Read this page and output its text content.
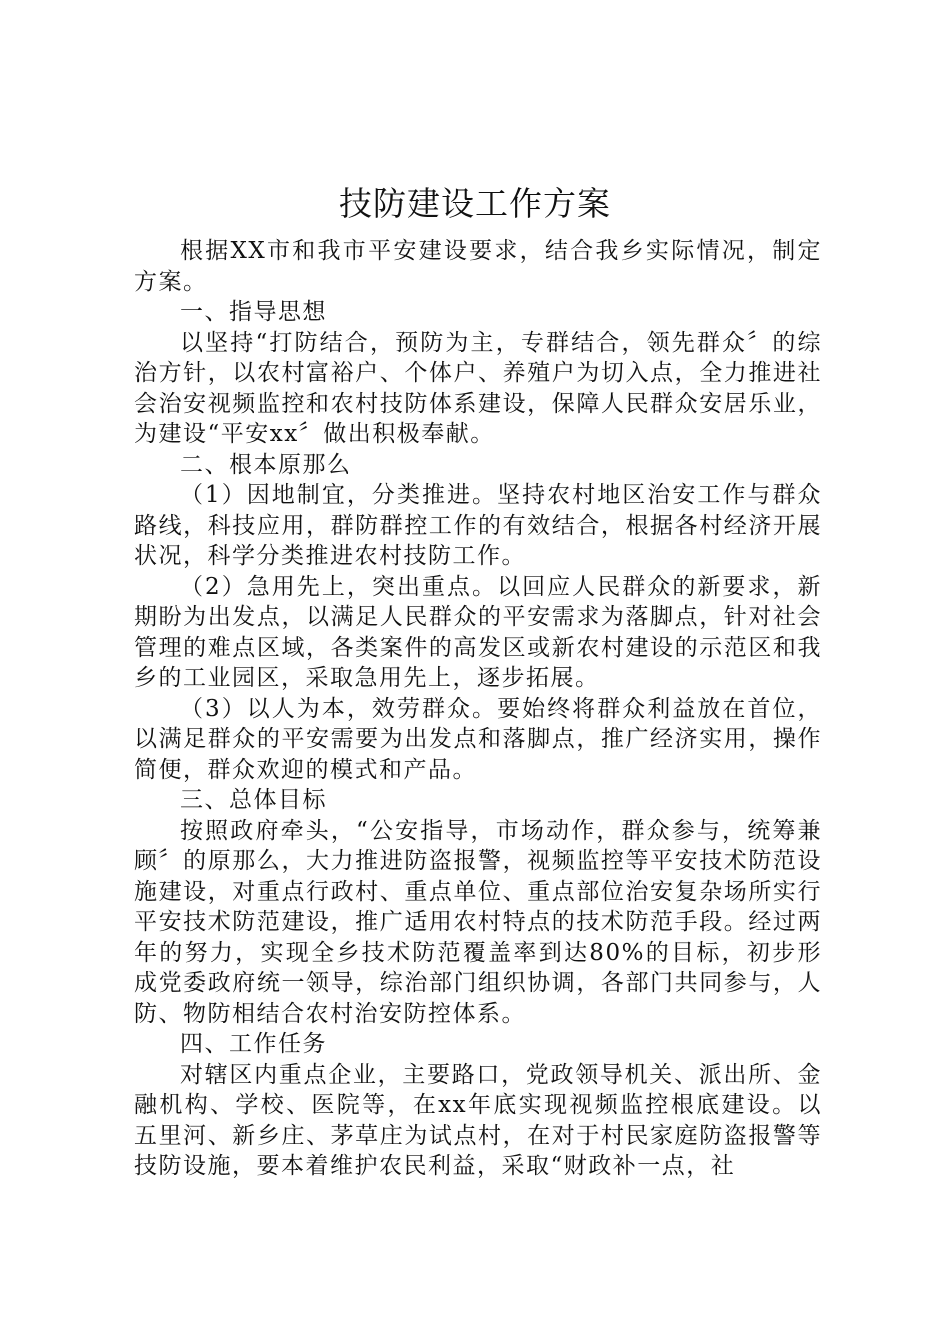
技防建设工作方案

根据XX市和我市平安建设要求，结合我乡实际情况，制定方案。

一、指导思想

以坚持“打防结合，预防为主，专群结合，领先群众〞的综治方针，以农村富裕户、个体户、养殖户为切入点，全力推进社会治安视频监控和农村技防体系建设，保障人民群众安居乐业，为建设“平安xx〞做出积极奉献。

二、根本原那么

（1）因地制宜，分类推进。坚持农村地区治安工作与群众路线，科技应用，群防群控工作的有效结合，根据各村经济开展状况，科学分类推进农村技防工作。

（2）急用先上，突出重点。以回应人民群众的新要求，新期盼为出发点，以满足人民群众的平安需求为落脚点，针对社会管理的难点区域，各类案件的高发区或新农村建设的示范区和我乡的工业园区，采取急用先上，逐步拓展。

（3）以人为本，效劳群众。要始终将群众利益放在首位，以满足群众的平安需要为出发点和落脚点，推广经济实用，操作简便，群众欢迎的模式和产品。

三、总体目标

按照政府牵头，“公安指导，市场动作，群众参与，统筹兼顾〞的原那么，大力推进防盗报警，视频监控等平安技术防范设施建设，对重点行政村、重点单位、重点部位治安复杂场所实行平安技术防范建设，推广适用农村特点的技术防范手段。经过两年的努力，实现全乡技术防范覆盖率到达80%的目标，初步形成党委政府统一领导，综治部门组织协调，各部门共同参与，人防、物防相结合农村治安防控体系。

四、工作任务

对辖区内重点企业，主要路口，党政领导机关、派出所、金融机构、学校、医院等，在xx年底实现视频监控根底建设。以五里河、新乡庄、茅草庄为试点村，在对于村民家庭防盗报警等技防设施，要本着维护农民利益，采取“财政补一点，社
